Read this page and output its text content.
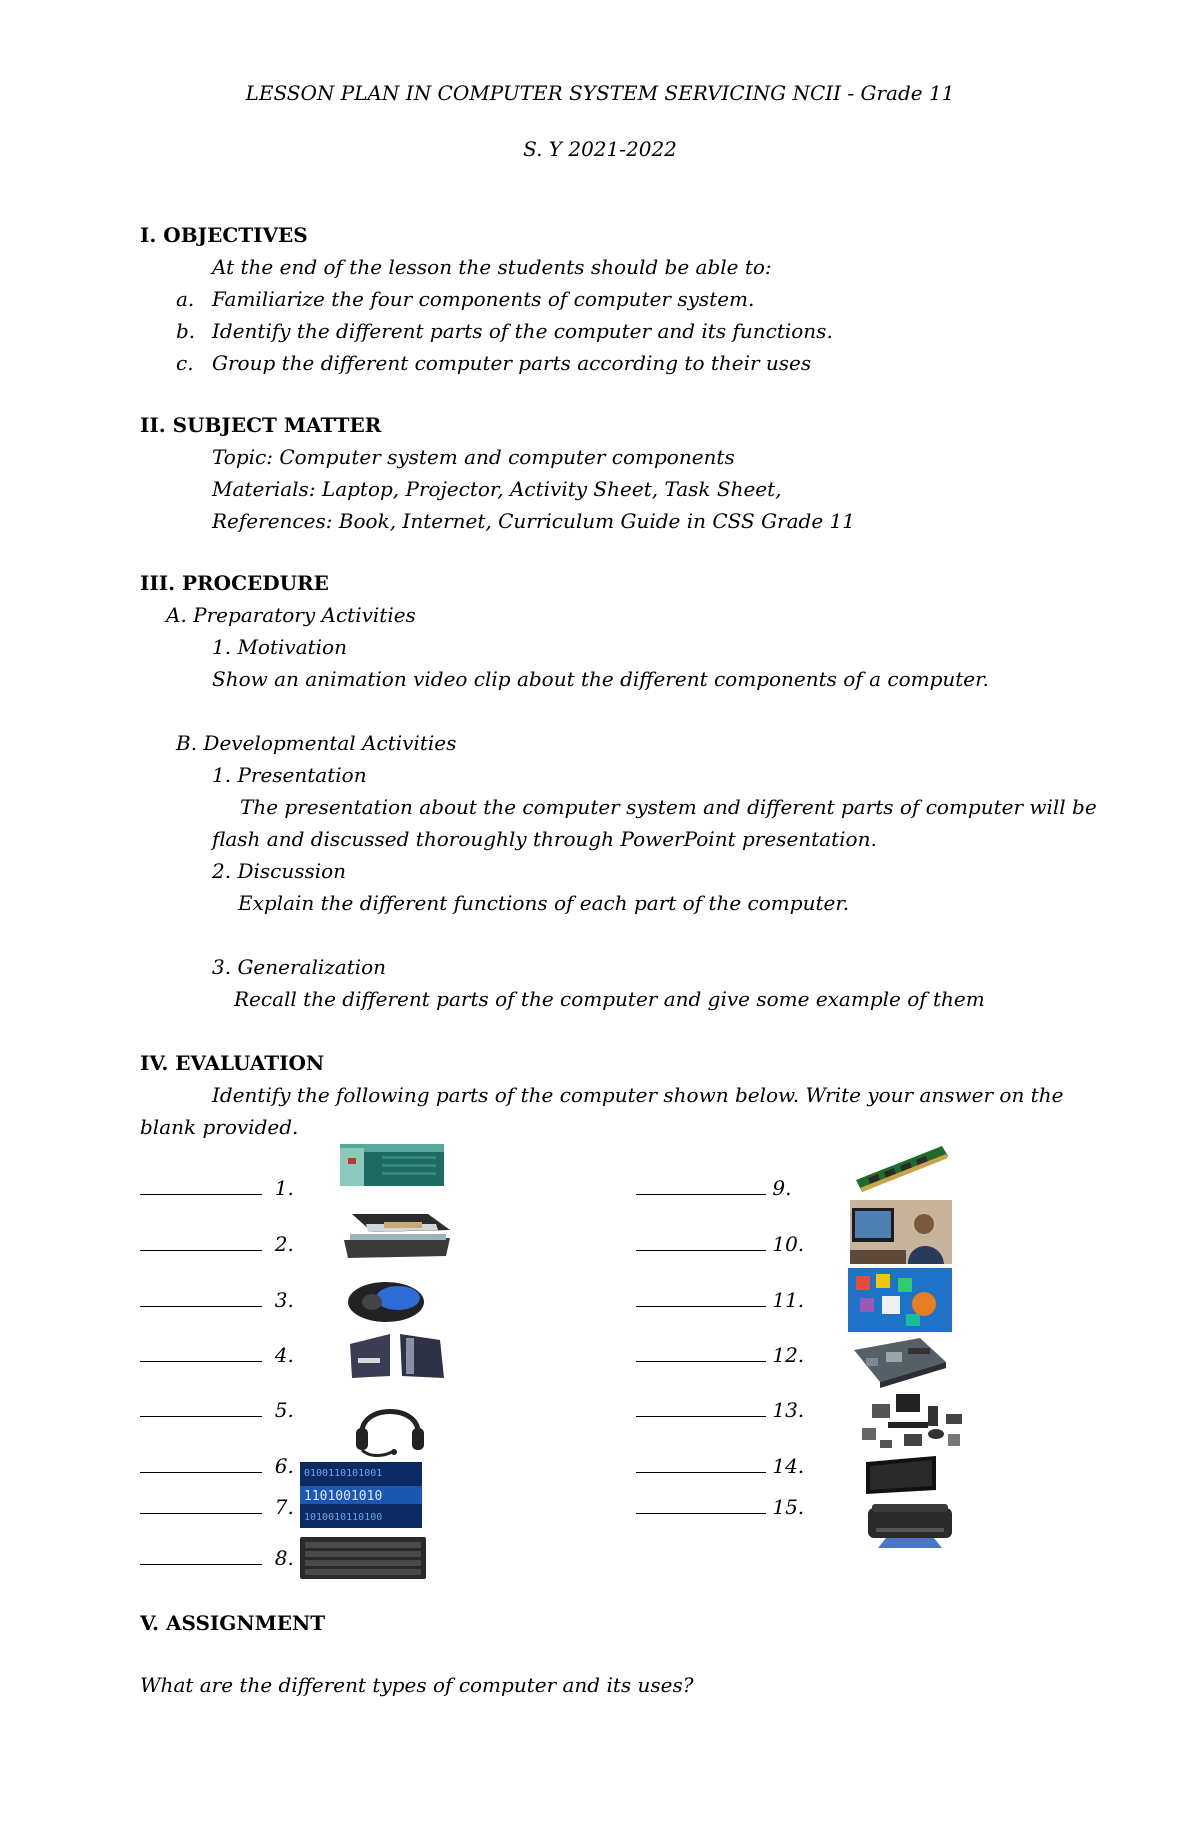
LESSON PLAN IN COMPUTER SYSTEM SERVICING NCII - Grade 11
S. Y 2021-2022
I. OBJECTIVES
At the end of the lesson the students should be able to:
a. Familiarize the four components of computer system.
b. Identify the different parts of the computer and its functions.
c. Group the different computer parts according to their uses
II. SUBJECT MATTER
Topic: Computer system and computer components
Materials: Laptop, Projector, Activity Sheet, Task Sheet,
References: Book, Internet, Curriculum Guide in CSS Grade 11
III. PROCEDURE
A. Preparatory Activities
1. Motivation
Show an animation video clip about the different components of a computer.
B. Developmental Activities
1. Presentation
The presentation about the computer system and different parts of computer will be
flash and discussed thoroughly through PowerPoint presentation.
2. Discussion
Explain the different functions of each part of the computer.
3. Generalization
Recall the different parts of the computer and give some example of them
IV. EVALUATION
Identify the following parts of the computer shown below. Write your answer on the
blank provided.
1.
2.
3.
4.
5.
6.
7.
8.
9.
10.
11.
12.
13.
14.
15.
0100110101001
1101001010
1010010110100
V. ASSIGNMENT
What are the different types of computer and its uses?
